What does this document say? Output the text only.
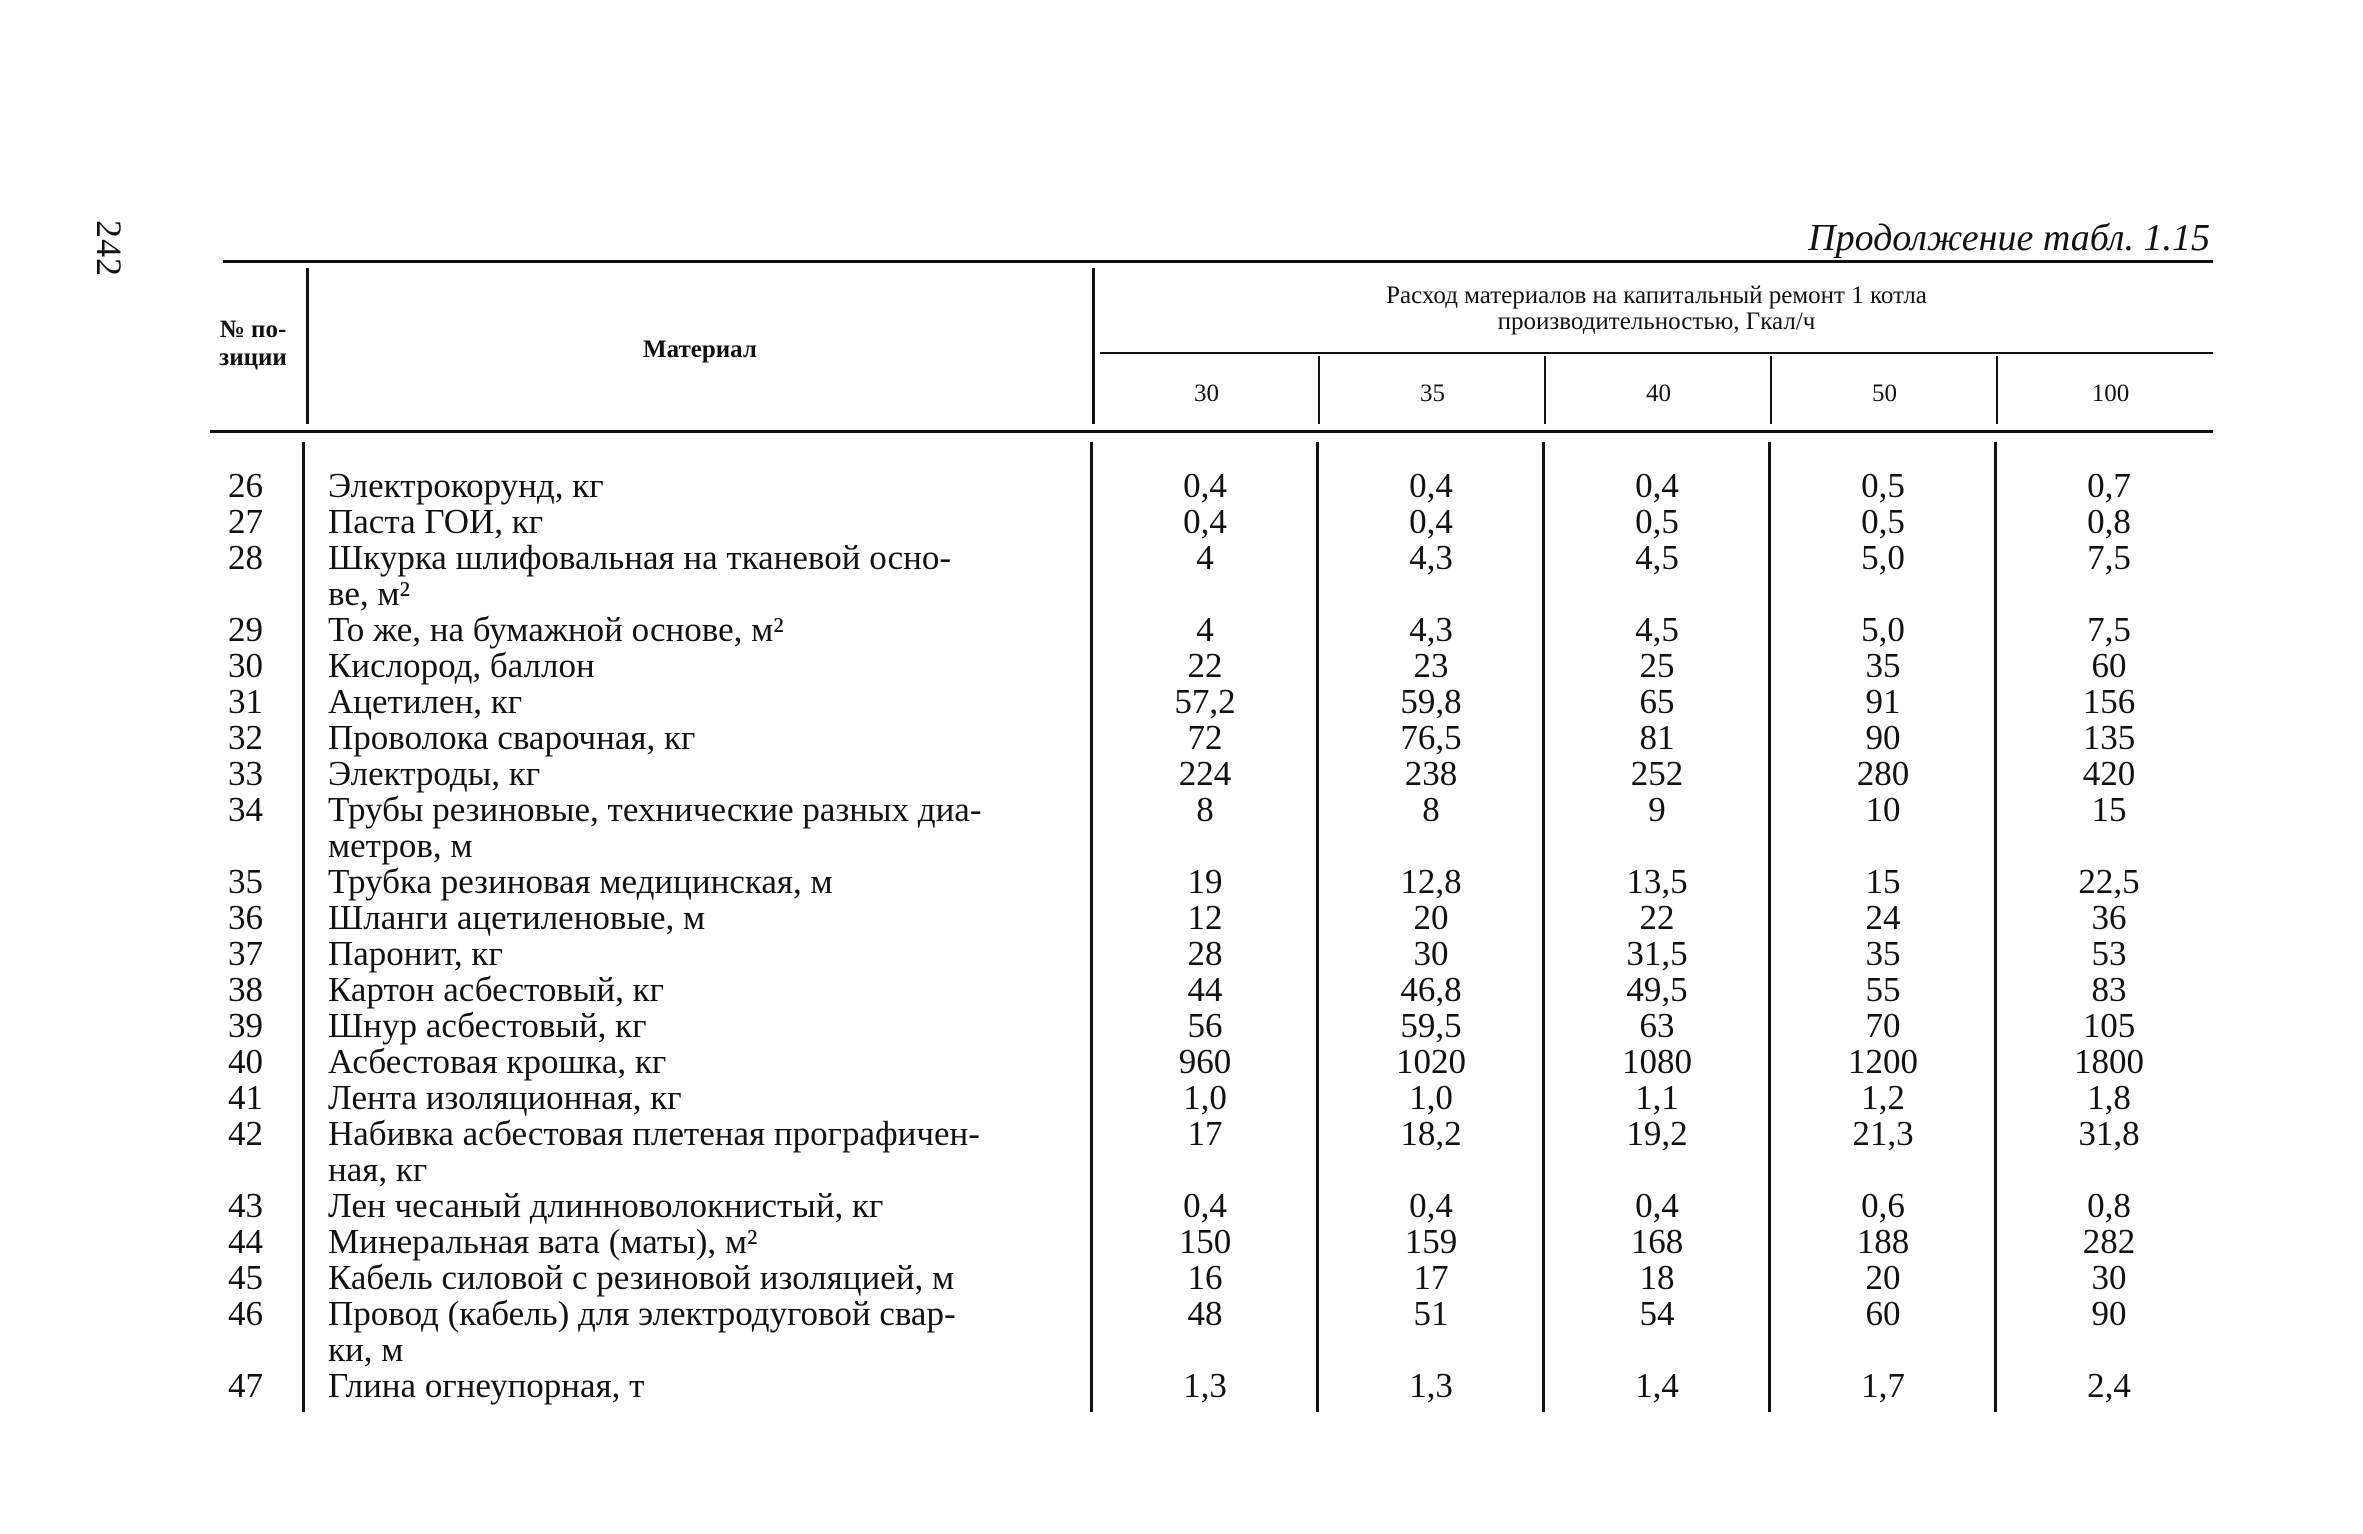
242	Продолжение табл. 1.15
№ по-
зиции	Материал
Расход материалов на капитальный ремонт 1 котла
производительностью, Гкал/ч
30	35	40	50	100
26 Электрокорунд, кг	0,4	0,4	0,4	0,5	0,7
27 Паста ГОИ, кг	0,4	0,4	0,5	0,5	0,8
28 Шкурка шлифовальная на тканевой осно-
ве, м²
4	4,3	4,5	5,0	7,5
29 То же, на бумажной основе, м²	4	4,3	4,5	5,0	7,5
30 Кислород, баллон	22	23	25	35	60
31 Ацетилен, кг	57,2	59,8	65	91	156
32 Проволока сварочная, кг	72	76,5	81	90	135
33 Электроды, кг	224	238	252	280	420
34 Трубы резиновые, технические разных диа-
метров, м
8	8	9	10	15
35 Трубка резиновая медицинская, м	19	12,8	13,5	15	22,5
36 Шланги ацетиленовые, м	12	20	22	24	36
37 Паронит, кг	28	30	31,5	35	53
38 Картон асбестовый, кг	44	46,8	49,5	55	83
39 Шнур асбестовый, кг	56	59,5	63	70	105
40 Асбестовая крошка, кг	960	1020	1080	1200	1800
41 Лента изоляционная, кг	1,0	1,0	1,1	1,2	1,8
42 Набивка асбестовая плетеная прографичен-
ная, кг
17	18,2	19,2	21,3	31,8
43 Лен чесаный длинноволокнистый, кг	0,4	0,4	0,4	0,6	0,8
44 Минеральная вата (маты), м²	150	159	168	188	282
45 Кабель силовой с резиновой изоляцией, м	16	17	18	20	30
46 Провод (кабель) для электродуговой свар-
ки, м
48	51	54	60	90
47 Глина огнеупорная, т	1,3	1,3	1,4	1,7	2,4
